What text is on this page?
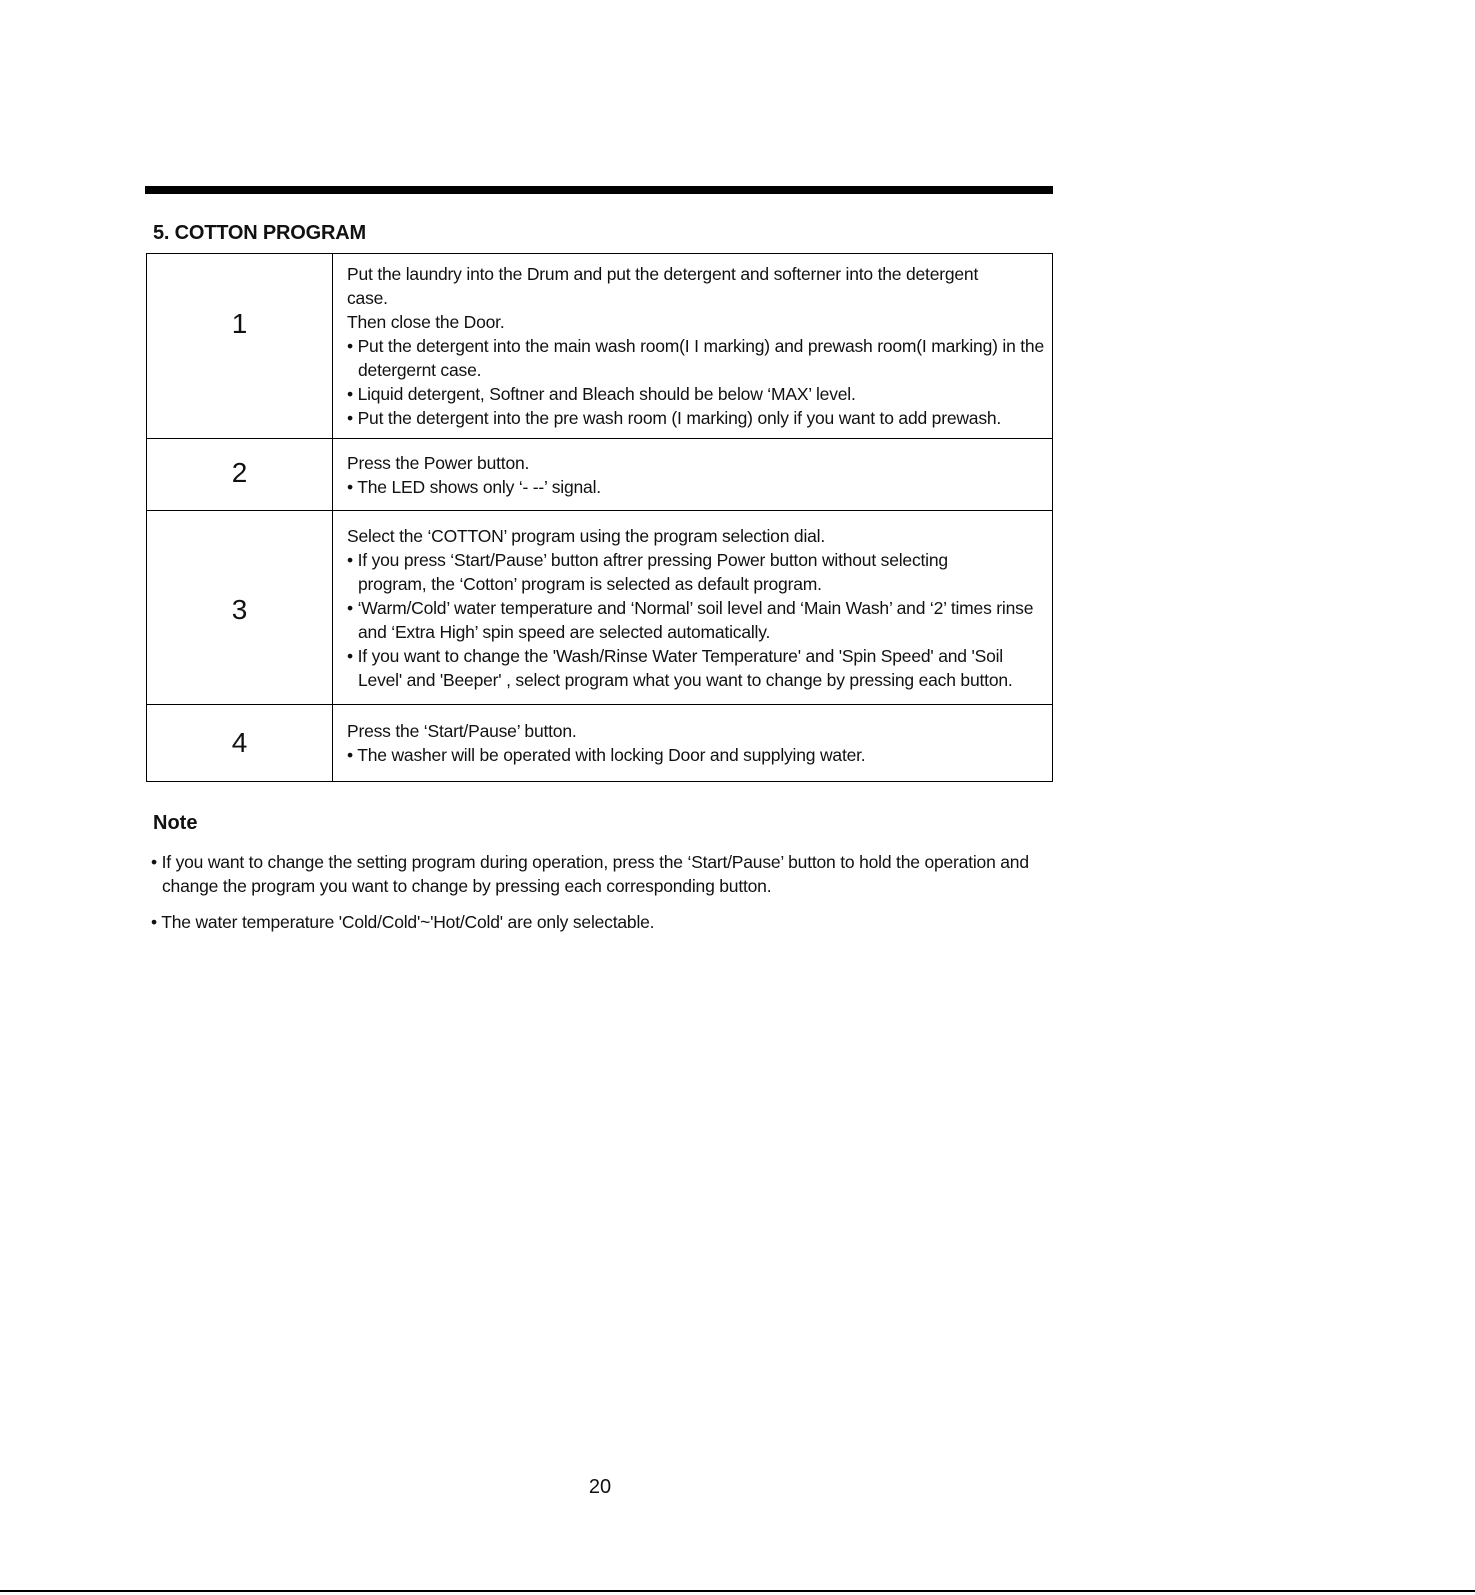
5. COTTON PROGRAM
1	Put the laundry into the Drum and put the detergent and softerner into the detergent case.
Then close the Door.
• Put the detergent into the main wash room(I I marking) and prewash room(I marking) in the detergernt case.
• Liquid detergent, Softner and Bleach should be below ‘MAX’ level.
• Put the detergent into the pre wash room (I marking) only if you want to add prewash.

2	Press the Power button.
• The LED shows only ‘- --’ signal.

3	Select the ‘COTTON’ program using the program selection dial.
• If you press ‘Start/Pause’ button aftrer pressing Power button without selecting program, the ‘Cotton’ program is selected as default program.
• ‘Warm/Cold’ water temperature and ‘Normal’ soil level and ‘Main Wash’ and ‘2’ times rinse and ‘Extra High’ spin speed are selected automatically.
• If you want to change the 'Wash/Rinse Water Temperature' and 'Spin Speed' and 'Soil Level' and 'Beeper' , select program what you want to change by pressing each button.

4	Press the ‘Start/Pause’ button.
• The washer will be operated with locking Door and supplying water.
Note
• If you want to change the setting program during operation, press the ‘Start/Pause’ button to hold the operation and change the program you want to change by pressing each corresponding button.
• The water temperature 'Cold/Cold'~'Hot/Cold' are only selectable.
20
